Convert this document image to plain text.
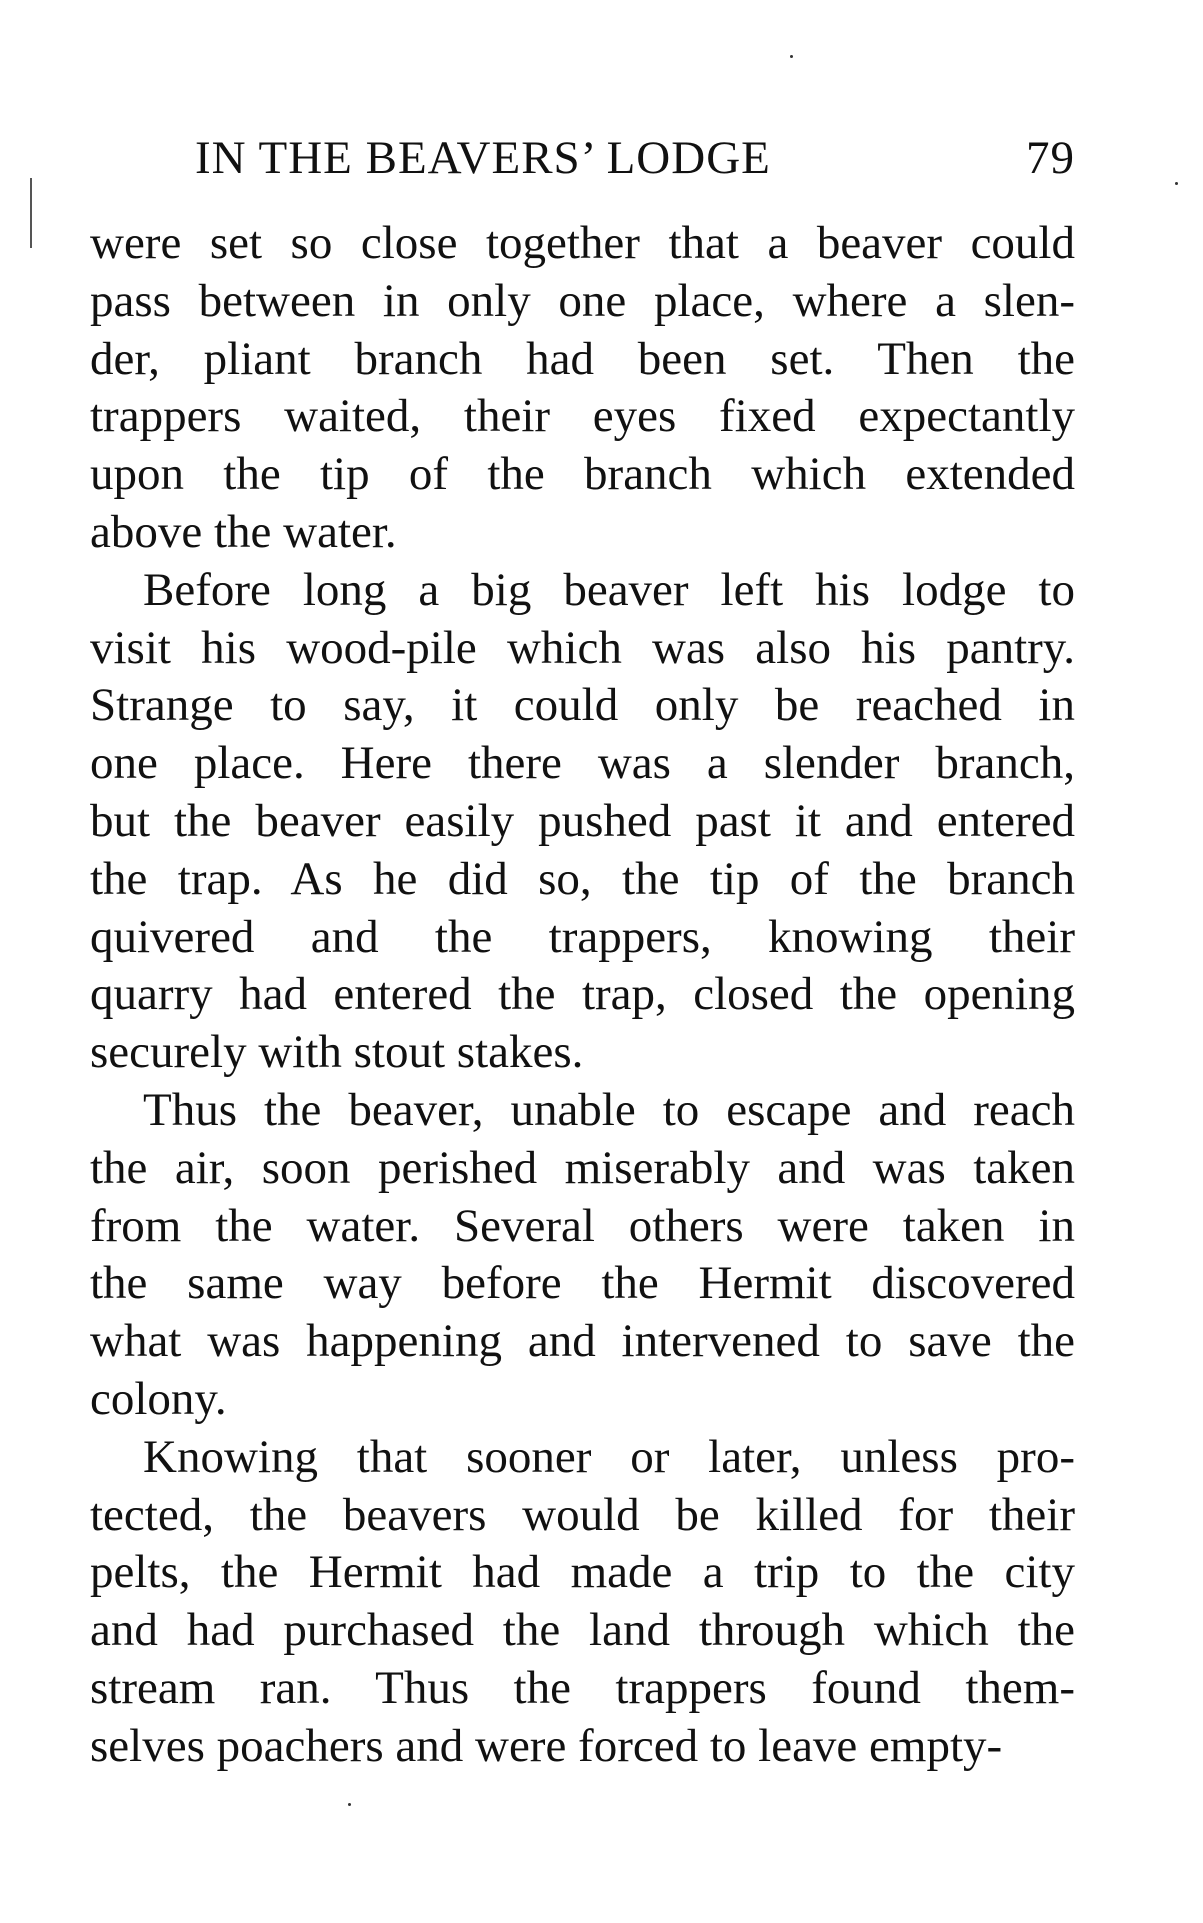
IN THE BEAVERS’ LODGE	79
were set so close together that a beaver could
pass between in only one place, where a slen-
der, pliant branch had been set. Then the
trappers waited, their eyes fixed expectantly
upon the tip of the branch which extended
above the water.
Before long a big beaver left his lodge to
visit his wood-pile which was also his pantry.
Strange to say, it could only be reached in
one place. Here there was a slender branch,
but the beaver easily pushed past it and entered
the trap. As he did so, the tip of the branch
quivered and the trappers, knowing their
quarry had entered the trap, closed the opening
securely with stout stakes.
Thus the beaver, unable to escape and reach
the air, soon perished miserably and was taken
from the water. Several others were taken in
the same way before the Hermit discovered
what was happening and intervened to save the
colony.
Knowing that sooner or later, unless pro-
tected, the beavers would be killed for their
pelts, the Hermit had made a trip to the city
and had purchased the land through which the
stream ran. Thus the trappers found them-
selves poachers and were forced to leave empty-
